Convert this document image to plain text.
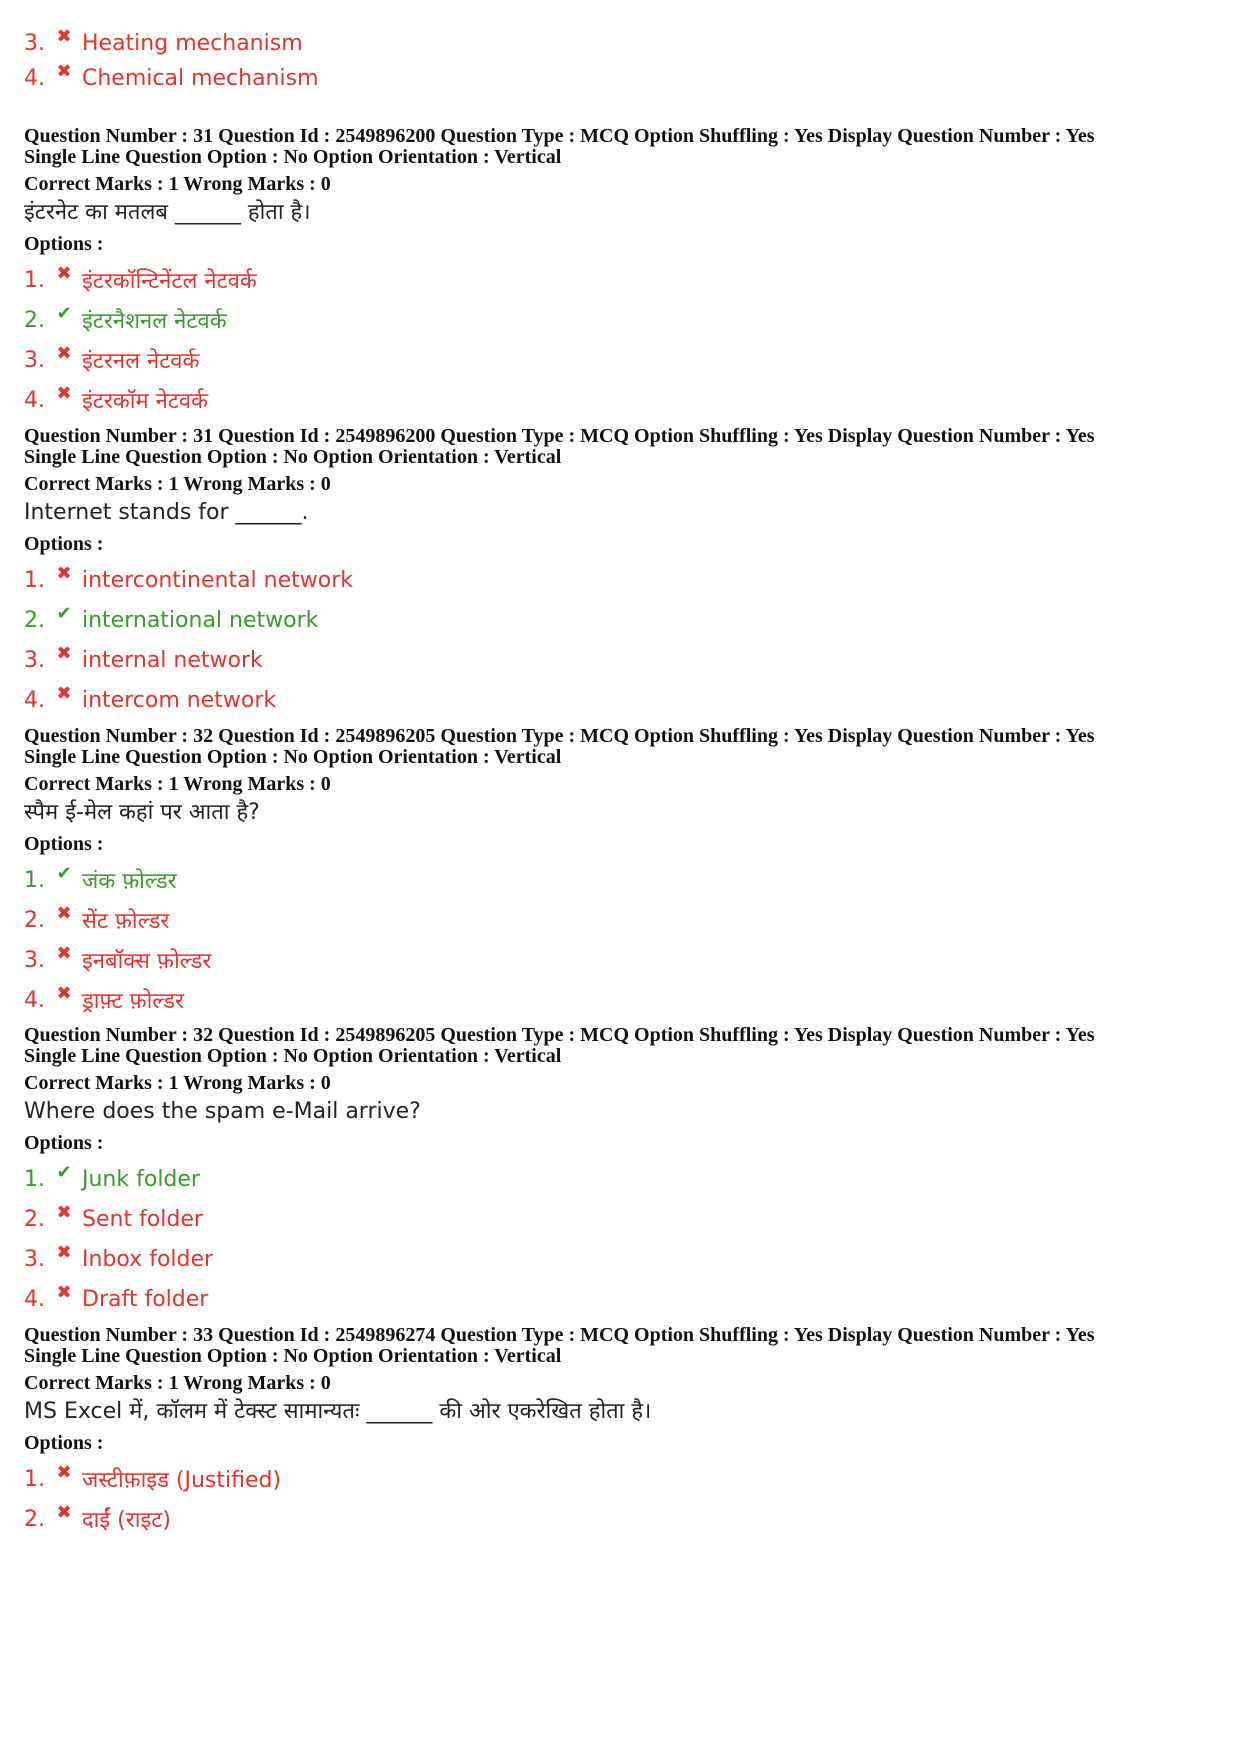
3. ✖ Heating mechanism
4. ✖ Chemical mechanism
Question Number : 31 Question Id : 2549896200 Question Type : MCQ Option Shuffling : Yes Display Question Number : Yes
Single Line Question Option : No Option Orientation : Vertical
Correct Marks : 1 Wrong Marks : 0
इंटरनेट का मतलब ______ होता है।
Options :
1. ✖ इंटरकॉन्टिनेंटल नेटवर्क
2. ✔ इंटरनैशनल नेटवर्क
3. ✖ इंटरनल नेटवर्क
4. ✖ इंटरकॉम नेटवर्क
Question Number : 31 Question Id : 2549896200 Question Type : MCQ Option Shuffling : Yes Display Question Number : Yes
Single Line Question Option : No Option Orientation : Vertical
Correct Marks : 1 Wrong Marks : 0
Internet stands for ______.
Options :
1. ✖ intercontinental network
2. ✔ international network
3. ✖ internal network
4. ✖ intercom network
Question Number : 32 Question Id : 2549896205 Question Type : MCQ Option Shuffling : Yes Display Question Number : Yes
Single Line Question Option : No Option Orientation : Vertical
Correct Marks : 1 Wrong Marks : 0
स्पैम ई-मेल कहां पर आता है?
Options :
1. ✔ जंक फ़ोल्डर
2. ✖ सेंट फ़ोल्डर
3. ✖ इनबॉक्स फ़ोल्डर
4. ✖ ड्राफ़्ट फ़ोल्डर
Question Number : 32 Question Id : 2549896205 Question Type : MCQ Option Shuffling : Yes Display Question Number : Yes
Single Line Question Option : No Option Orientation : Vertical
Correct Marks : 1 Wrong Marks : 0
Where does the spam e-Mail arrive?
Options :
1. ✔ Junk folder
2. ✖ Sent folder
3. ✖ Inbox folder
4. ✖ Draft folder
Question Number : 33 Question Id : 2549896274 Question Type : MCQ Option Shuffling : Yes Display Question Number : Yes
Single Line Question Option : No Option Orientation : Vertical
Correct Marks : 1 Wrong Marks : 0
MS Excel में, कॉलम में टेक्स्ट सामान्यतः ______ की ओर एकरेखित होता है।
Options :
1. ✖ जस्टीफ़ाइड (Justified)
2. ✖ दाईं (राइट)
